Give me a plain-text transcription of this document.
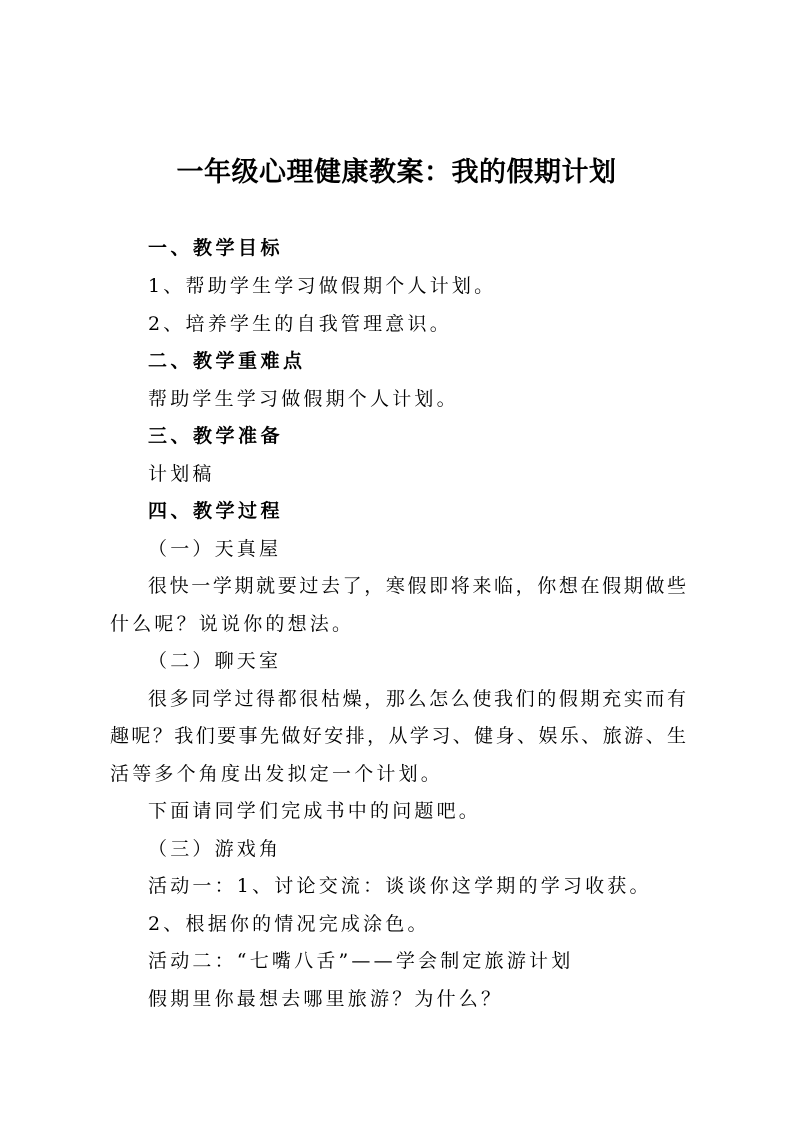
一年级心理健康教案：我的假期计划
一、教学目标
1、帮助学生学习做假期个人计划。
2、培养学生的自我管理意识。
二、教学重难点
帮助学生学习做假期个人计划。
三、教学准备
计划稿
四、教学过程
（一）天真屋
很快一学期就要过去了，寒假即将来临，你想在假期做些
什么呢？说说你的想法。
（二）聊天室
很多同学过得都很枯燥，那么怎么使我们的假期充实而有
趣呢？我们要事先做好安排，从学习、健身、娱乐、旅游、生
活等多个角度出发拟定一个计划。
下面请同学们完成书中的问题吧。
（三）游戏角
活动一：1、讨论交流：谈谈你这学期的学习收获。
2、根据你的情况完成涂色。
活动二：“七嘴八舌”——学会制定旅游计划
假期里你最想去哪里旅游？为什么？
